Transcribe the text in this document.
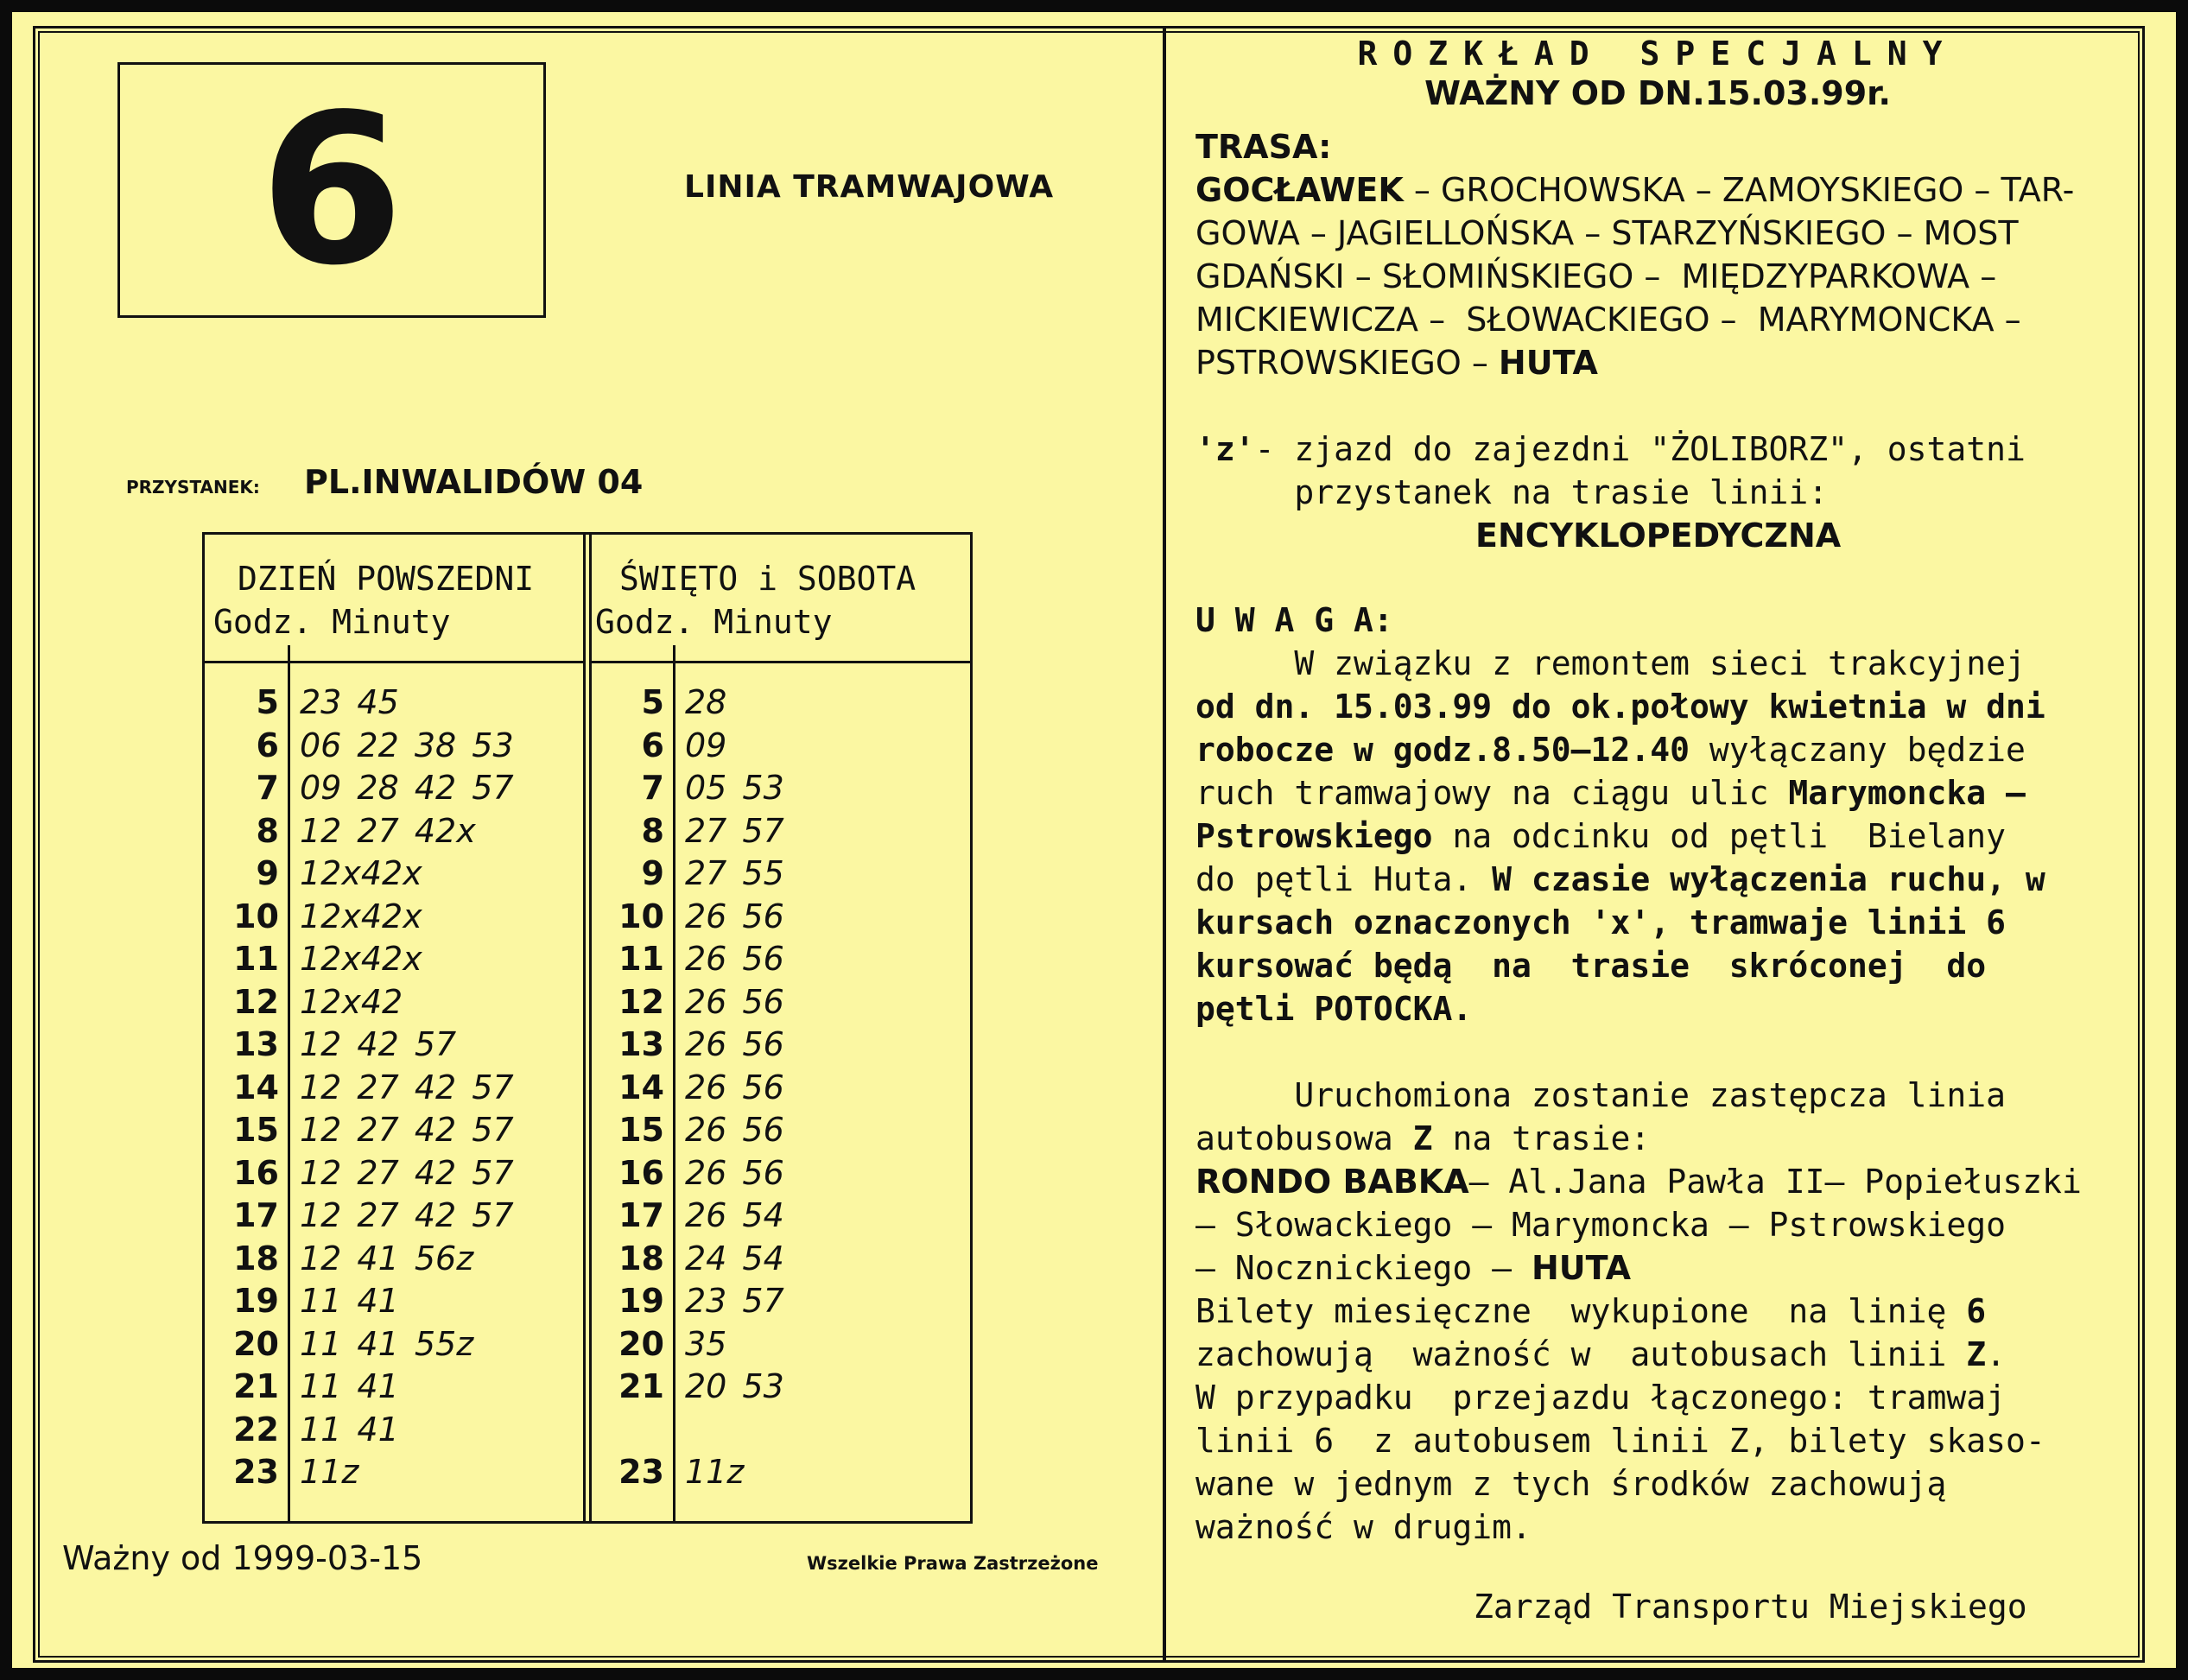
6	LINIA TRAMWAJOWA
PRZYSTANEK: PL.INWALIDÓW 04
DZIEŃ POWSZEDNI
Godz. Minuty
ŚWIĘTO i SOBOTA
Godz. Minuty
5 23 45
6 06 22 38 53
7 09 28 42 57
8 12 27 42x
9 12x42x
10 12x42x
11 12x42x
12 12x42
13 12 42 57
14 12 27 42 57
15 12 27 42 57
16 12 27 42 57
17 12 27 42 57
18 12 41 56z
19 11 41
20 11 41 55z
21 11 41
22 11 41
23 11z
5 28
6 09
7 05 53
8 27 57
9 27 55
10 26 56
11 26 56
12 26 56
13 26 56
14 26 56
15 26 56
16 26 56
17 26 54
18 24 54
19 23 57
20 35
21 20 53
23 11z
Ważny od 1999-03-15	Wszelkie Prawa Zastrzeżone
ROZKŁAD SPECJALNY
WAŻNY OD DN.15.03.99r.
TRASA:
GOCŁAWEK – GROCHOWSKA – ZAMOYSKIEGO – TAR-
GOWA – JAGIELLOŃSKA – STARZYŃSKIEGO – MOST
GDAŃSKI – SŁOMIŃSKIEGO –  MIĘDZYPARKOWA –
MICKIEWICZA –  SŁOWACKIEGO –  MARYMONCKA –
PSTROWSKIEGO – HUTA
'z'- zjazd do zajezdni "ŻOLIBORZ", ostatni
przystanek na trasie linii:
ENCYKLOPEDYCZNA
U W A G A:
W związku z remontem sieci trakcyjnej
od dn. 15.03.99 do ok.połowy kwietnia w dni
robocze w godz.8.50–12.40 wyłączany będzie
ruch tramwajowy na ciągu ulic Marymoncka –
Pstrowskiego na odcinku od pętli  Bielany
do pętli Huta. W czasie wyłączenia ruchu, w
kursach oznaczonych 'x', tramwaje linii 6
kursować będą  na  trasie  skróconej  do
pętli POTOCKA.
Uruchomiona zostanie zastępcza linia
autobusowa Z na trasie:
RONDO BABKA– Al.Jana Pawła II– Popiełuszki
– Słowackiego – Marymoncka – Pstrowskiego
– Nocznickiego – HUTA
Bilety miesięczne  wykupione  na linię 6
zachowują  ważność w  autobusach linii Z.
W przypadku  przejazdu łączonego: tramwaj
linii 6  z autobusem linii Z, bilety skaso-
wane w jednym z tych środków zachowują
ważność w drugim.
Zarząd Transportu Miejskiego
